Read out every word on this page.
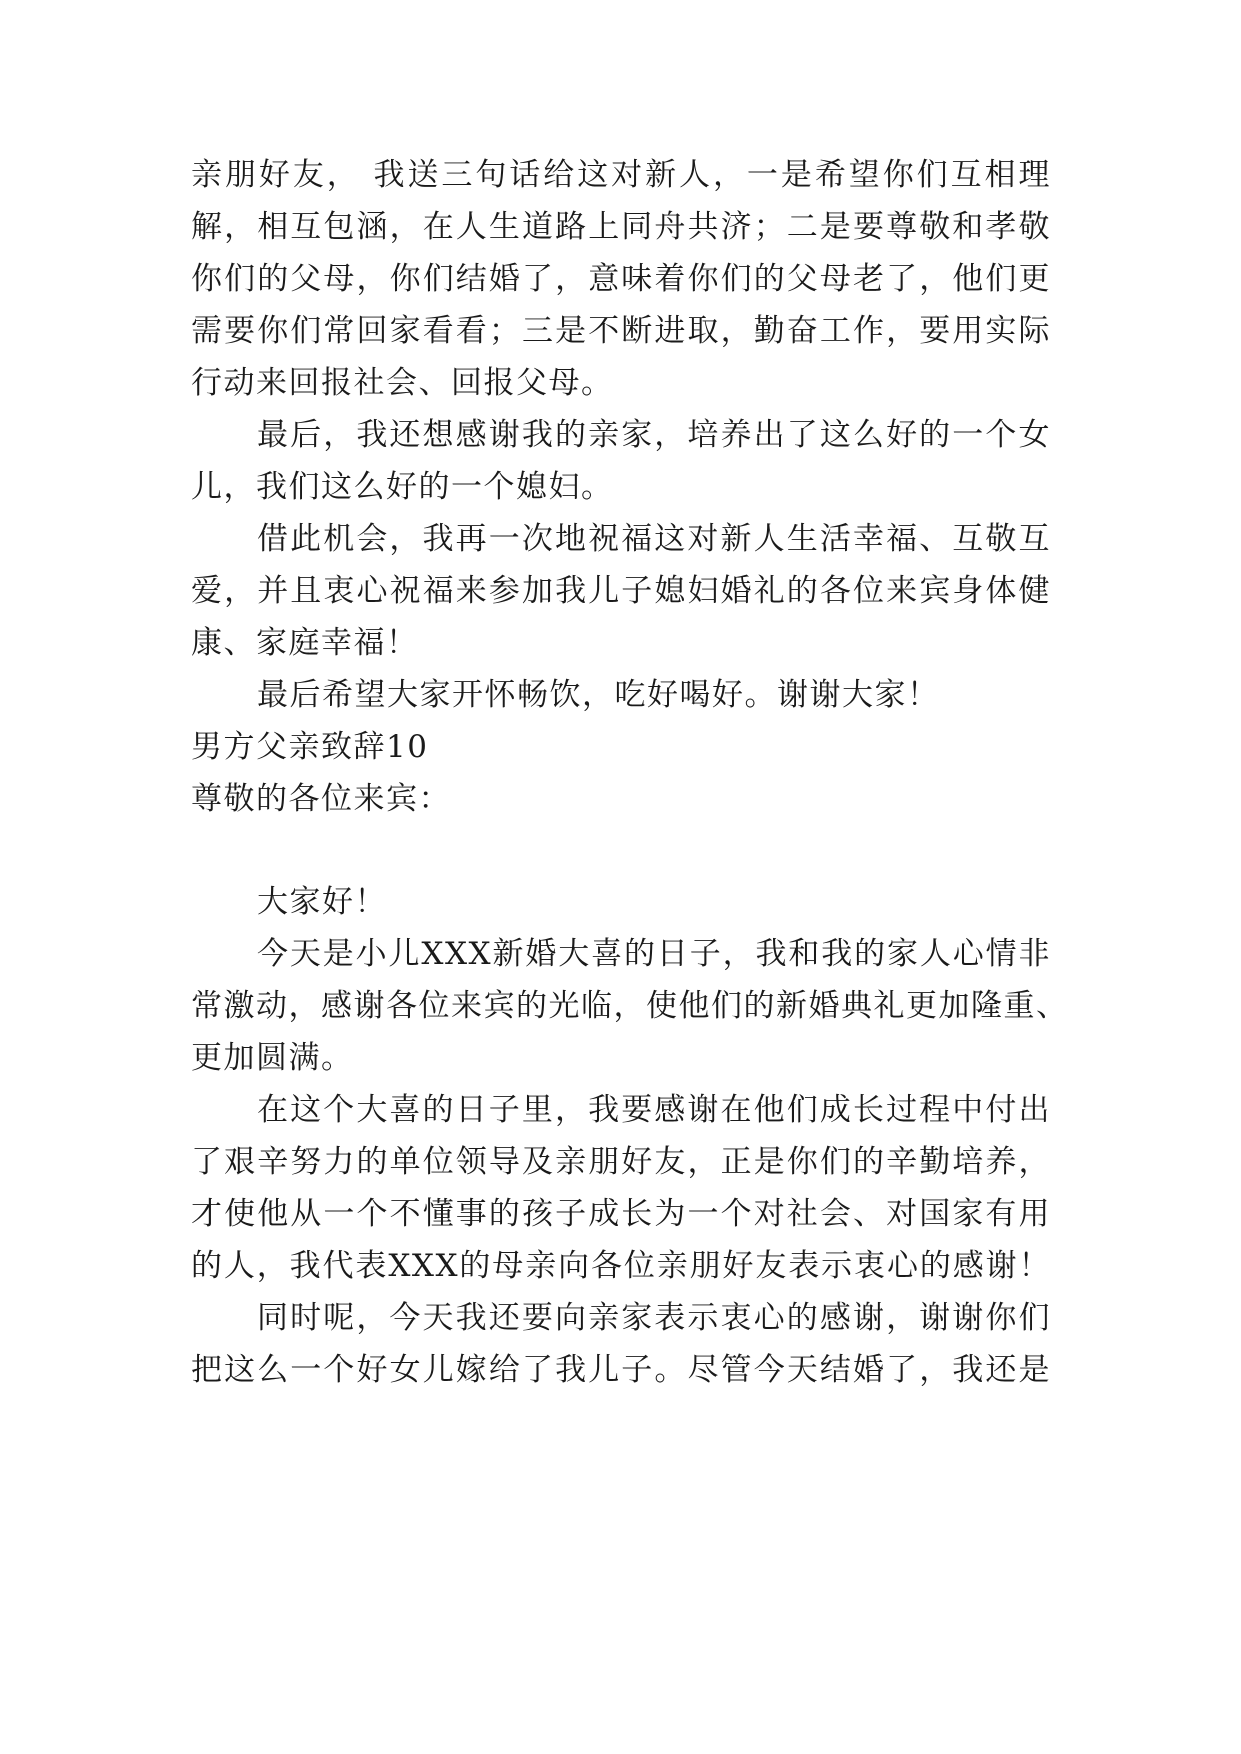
亲朋好友， 我送三句话给这对新人，一是希望你们互相理
解，相互包涵，在人生道路上同舟共济；二是要尊敬和孝敬
你们的父母，你们结婚了，意味着你们的父母老了，他们更
需要你们常回家看看；三是不断进取，勤奋工作，要用实际
行动来回报社会、回报父母。
最后，我还想感谢我的亲家，培养出了这么好的一个女
儿，我们这么好的一个媳妇。
借此机会，我再一次地祝福这对新人生活幸福、互敬互
爱，并且衷心祝福来参加我儿子媳妇婚礼的各位来宾身体健
康、家庭幸福！
最后希望大家开怀畅饮，吃好喝好。谢谢大家！
男方父亲致辞10
尊敬的各位来宾：
大家好！
今天是小儿XXX新婚大喜的日子，我和我的家人心情非
常激动，感谢各位来宾的光临，使他们的新婚典礼更加隆重、
更加圆满。
在这个大喜的日子里，我要感谢在他们成长过程中付出
了艰辛努力的单位领导及亲朋好友，正是你们的辛勤培养，
才使他从一个不懂事的孩子成长为一个对社会、对国家有用
的人，我代表XXX的母亲向各位亲朋好友表示衷心的感谢！
同时呢，今天我还要向亲家表示衷心的感谢，谢谢你们
把这么一个好女儿嫁给了我儿子。尽管今天结婚了，我还是
